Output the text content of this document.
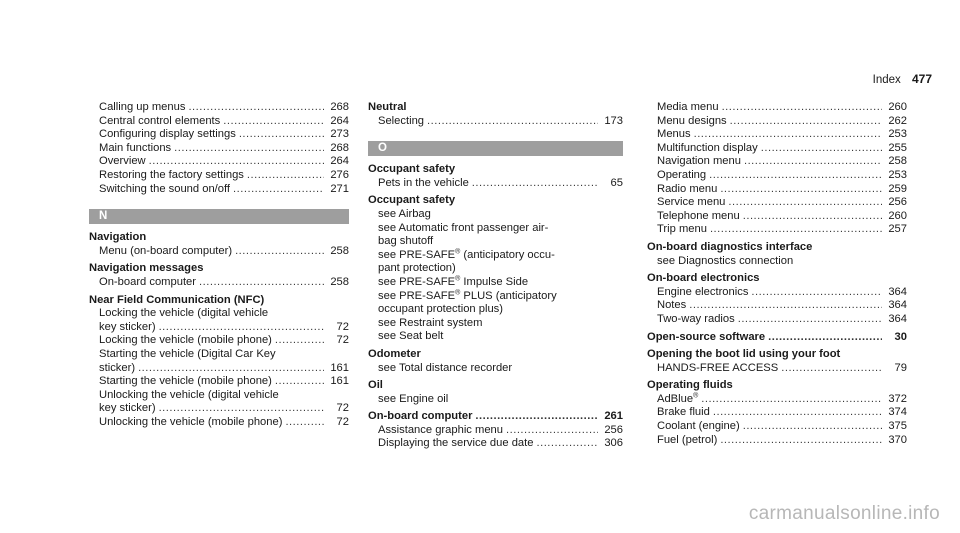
Index 477
Calling up menus .....	268
Central control elements .....	264
Configuring display settings .....	273
Main functions .....	268
Overview .....	264
Restoring the factory settings .....	276
Switching the sound on/off .....	271
N
Navigation
Menu (on-board computer) .....	258
Navigation messages
On-board computer .....	258
Near Field Communication (NFC)
Locking the vehicle (digital vehicle
key sticker) .....	72
Locking the vehicle (mobile phone) .....	72
Starting the vehicle (Digital Car Key
sticker) .....	161
Starting the vehicle (mobile phone) .....	161
Unlocking the vehicle (digital vehicle
key sticker) .....	72
Unlocking the vehicle (mobile phone) .....	72
Neutral
Selecting .....	173
O
Occupant safety
Pets in the vehicle .....	65
Occupant safety
see Airbag
see Automatic front passenger air-
bag shutoff
see PRE-SAFE® (anticipatory occu-
pant protection)
see PRE-SAFE® Impulse Side
see PRE-SAFE® PLUS (anticipatory
occupant protection plus)
see Restraint system
see Seat belt
Odometer
see Total distance recorder
Oil
see Engine oil
On-board computer .....	261
Assistance graphic menu .....	256
Displaying the service due date .....	306
Media menu .....	260
Menu designs .....	262
Menus .....	253
Multifunction display .....	255
Navigation menu .....	258
Operating .....	253
Radio menu .....	259
Service menu .....	256
Telephone menu .....	260
Trip menu .....	257
On-board diagnostics interface
see Diagnostics connection
On-board electronics
Engine electronics .....	364
Notes .....	364
Two-way radios .....	364
Open-source software .....	30
Opening the boot lid using your foot
HANDS-FREE ACCESS .....	79
Operating fluids
AdBlue® .....	372
Brake fluid .....	374
Coolant (engine) .....	375
Fuel (petrol) .....	370
carmanualsonline.info
